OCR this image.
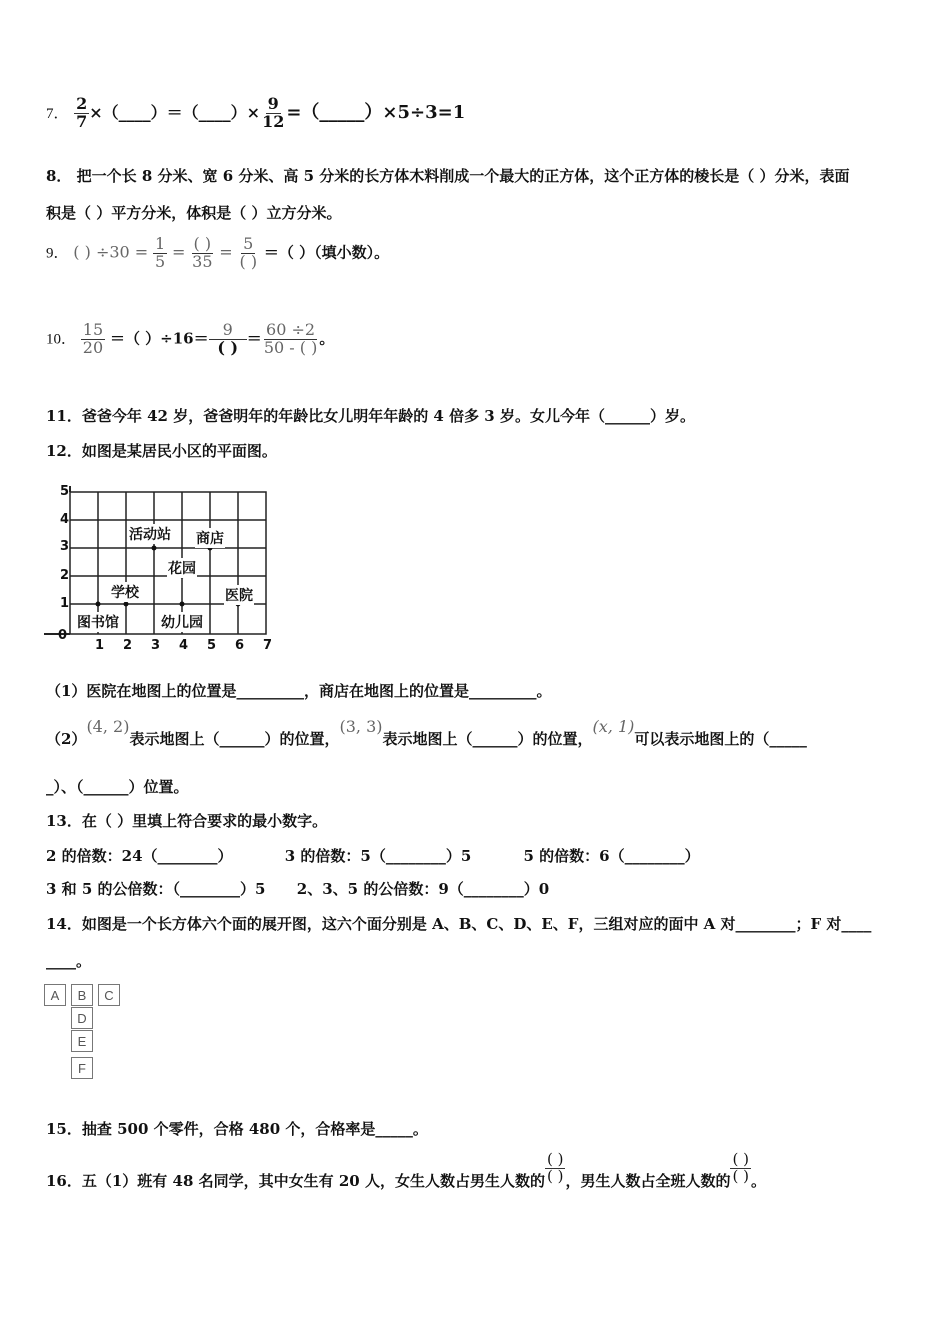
7． $\frac{2}{7}$ ×（____）＝（____）× $\frac{9}{12}$ =（_____）×5÷3=1
8． 把一个长 8 分米、宽 6 分米、高 5 分米的长方体木料削成一个最大的正方体，这个正方体的棱长是（ ）分米，表面
积是（ ）平方分米，体积是（ ）立方分米。
9． ( ) $\div 30 = \frac{1}{5} = \frac{( )}{35} = \frac{5}{( )}$ ＝（ ）（填小数）。
10． $\frac{15}{20}$ ＝（ ）$\div 16= \frac{9}{( )} = \frac{60 \div 2}{50 - ( )}$ 。
11．爸爸今年 42 岁，爸爸明年的年龄比女儿明年年龄的 4 倍多 3 岁。女儿今年（______）岁。
12．如图是某居民小区的平面图。
0
1
2
3
4
5
1 2 3 4 5 6 7
活动站 商店
花园
学校	医院
图书馆	幼儿园
（1）医院在地图上的位置是_________，商店在地图上的位置是_________。
（2）(4, 2)表示地图上（______）的位置，(3, 3)表示地图上（______）的位置，(x, 1)可以表示地图上的（_____
_）、（______）位置。
13．在（ ）里填上符合要求的最小数字。
2 的倍数：24（________）          3 的倍数：5（________）5          5 的倍数：6（________）
3 和 5 的公倍数：（________）5      2、3、5 的公倍数：9（________）0
14．如图是一个长方体六个面的展开图，这六个面分别是 A、B、C、D、E、F，三组对应的面中 A 对________；F 对____
____。
A	B	C
D
E
F
15．抽查 500 个零件，合格 480 个，合格率是_____。
16．五（1）班有 48 名同学，其中女生有 20 人，女生人数占男生人数的 $\frac{( )}{( )}$ ，男生人数占全班人数的 $\frac{( )}{( )}$ 。
